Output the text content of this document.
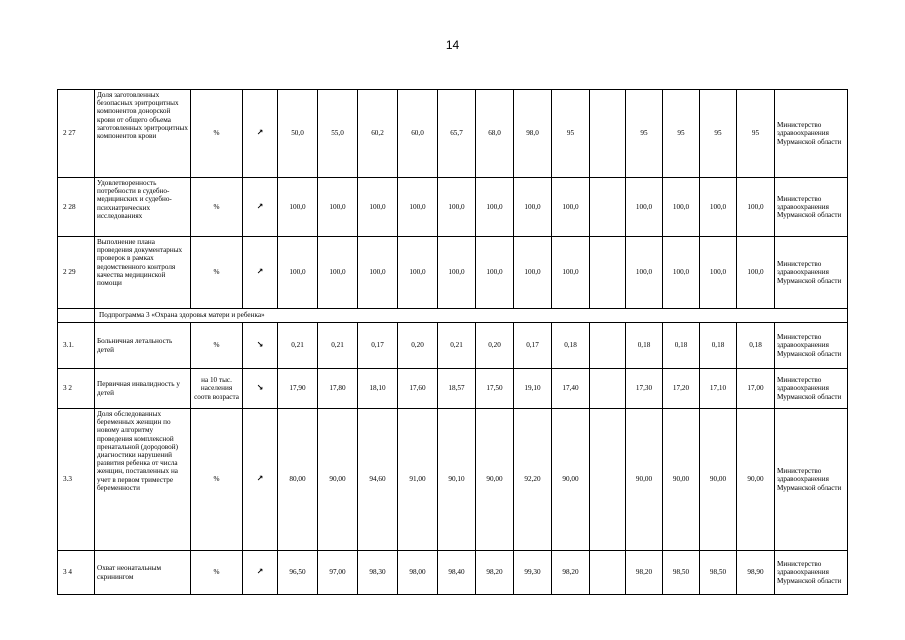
14
2 27	Доля заготовленных безопасных эритроцитных компонентов донорской крови от общего объема заготовленных эритроцитных компонентов крови	%	↗	50,0	55,0	60,2	60,0	65,7	68,0	98,0	95		95	95	95	95	Министерство здравоохранения Мурманской области
2 28	Удовлетворенность потребности в судебно-медицинских и судебно-психиатрических исследованиях	%	↗	100,0	100,0	100,0	100,0	100,0	100,0	100,0	100,0		100,0	100,0	100,0	100,0	Министерство здравоохранения Мурманской области
2 29	Выполнение плана проведения документарных проверок в рамках ведомственного контроля качества медицинской помощи	%	↗	100,0	100,0	100,0	100,0	100,0	100,0	100,0	100,0		100,0	100,0	100,0	100,0	Министерство здравоохранения Мурманской области
	Подпрограмма 3 «Охрана здоровья матери и ребенка»																
3.1.	Больничная летальность детей	%	↘	0,21	0,21	0,17	0,20	0,21	0,20	0,17	0,18		0,18	0,18	0,18	0,18	Министерство здравоохранения Мурманской области
3 2	Первичная инвалидность у детей	на 10 тыс. населения соотв возраста	↘	17,90	17,80	18,10	17,60	18,57	17,50	19,10	17,40		17,30	17,20	17,10	17,00	Министерство здравоохранения Мурманской области
3.3	Доля обследованных беременных женщин по новому алгоритму проведения комплексной пренатальной (дородовой) диагностики нарушений развития ребенка от числа женщин, поставленных на учет в первом триместре беременности	%	↗	80,00	90,00	94,60	91,00	90,10	90,00	92,20	90,00		90,00	90,00	90,00	90,00	Министерство здравоохранения Мурманской области
3 4	Охват неонатальным скринингом	%	↗	96,50	97,00	98,30	98,00	98,40	98,20	99,30	98,20		98,20	98,50	98,50	98,90	Министерство здравоохранения Мурманской области
